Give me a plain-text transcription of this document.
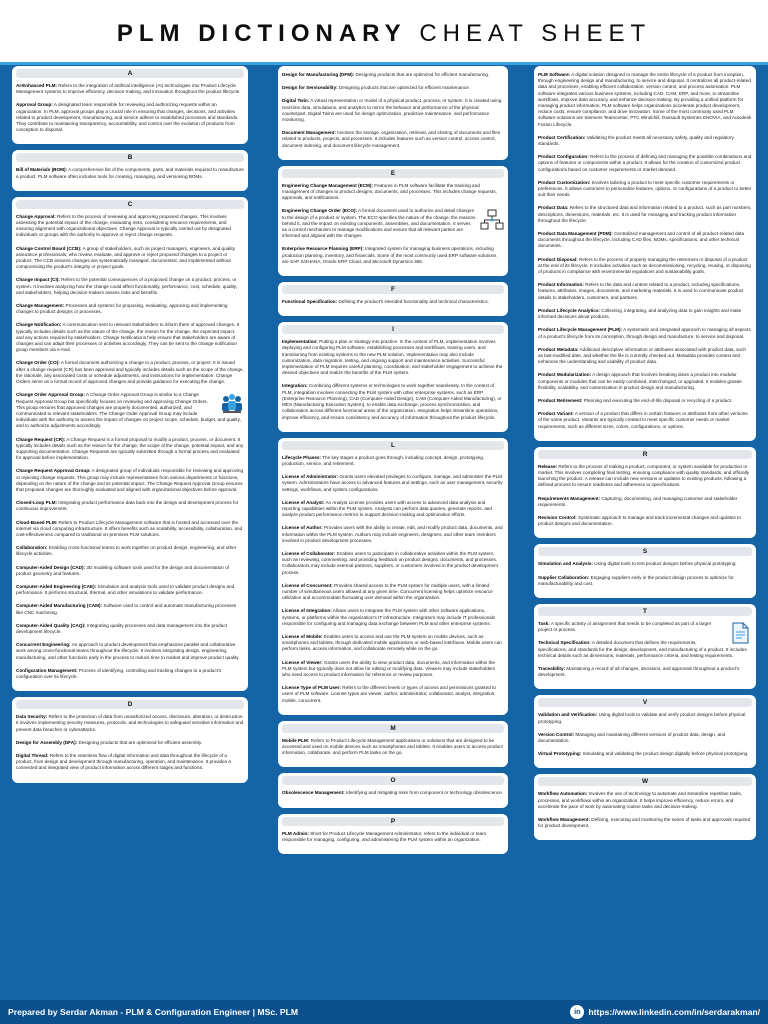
PLM DICTIONARY CHEAT SHEET
A
AI-Enhanced PLM: Refers to the integration of artificial intelligence (AI) technologies into Product Lifecycle Management systems to improve efficiency, decision-making, and innovation throughout the product lifecycle.
Approval Group: A designated team responsible for reviewing and authorizing requests within an organization. In PLM, approval groups play a crucial role in ensuring that changes, decisions, and activities related to product development, manufacturing, and service adhere to established processes and standards. They contribute to maintaining transparency, accountability, and control over the evolution of products from conception to disposal.
B
Bill of Materials (BOM): A comprehensive list of the components, parts, and materials required to manufacture a product. PLM software often includes tools for creating, managing, and versioning BOMs.
C
Change Approval: Refers to the process of reviewing and approving proposed changes. This involves assessing the potential impact of the change, evaluating risks, considering resource requirements, and ensuring alignment with organizational objectives. Change Approval is typically carried out by designated individuals or groups with the authority to approve or reject change requests.
Change Control Board (CCB): A group of stakeholders, such as project managers, engineers, and quality assurance professionals, who review, evaluate, and approve or reject proposed changes to a project or product. The CCB ensures changes are systematically managed, documented, and implemented without compromising the product's integrity or project goals.
Change Impact (CI): Refers to the potential consequences of a proposed change on a product, process, or system. It involves analyzing how the change could affect functionality, performance, cost, schedule, quality, and stakeholders, helping decision-makers assess risks and benefits.
Change Management: Processes and systems for proposing, evaluating, approving and implementing changes to product designs or processes.
Change Notification: A communication sent to relevant stakeholders to inform them of approved changes. It typically includes details such as the nature of the change, the reason for the change, the expected impact, and any actions required by stakeholders. Change Notifications help ensure that stakeholders are aware of changes and can adapt their processes or activities accordingly. They can be sent to the change notification group members via e-mail.
Change Order (CO): A formal document authorizing a change to a product, process, or project. It is issued after a change request (CR) has been approved and typically includes details such as the scope of the change, the rationale, any associated costs or schedule adjustments, and instructions for implementation. Change Orders serve as a formal record of approved changes and provide guidance for executing the change.
Change Order Approval Group: A Change Order Approval Group is similar to a Change Request Approval Group but specifically focuses on reviewing and approving Change Orders. This group ensures that approved changes are properly documented, authorized, and communicated to relevant stakeholders. The Change Order Approval Group may include individuals with the authority to assess the impact of changes on project scope, schedule, budget, and quality, and to authorize adjustments accordingly.
Change Request (CR): A Change Request is a formal proposal to modify a product, process, or document. It typically includes details such as the reason for the change, the scope of the change, potential impact, and any supporting documentation. Change Requests are typically submitted through a formal process and evaluated for approval before implementation.
Change Request Approval Group: A designated group of individuals responsible for reviewing and approving or rejecting change requests. This group may include representatives from various departments or functions, depending on the nature of the change and its potential impact. The Change Request Approval Group ensures that proposed changes are thoroughly evaluated and aligned with organizational objectives before approval.
Closed-Loop PLM: Integrating product performance data back into the design and development process for continuous improvement.
Cloud-Based PLM: Refers to Product Lifecycle Management software that is hosted and accessed over the internet via cloud computing infrastructure. It offers benefits such as scalability, accessibility, collaboration, and cost-effectiveness compared to traditional on-premises PLM solutions.
Collaboration: Enabling cross-functional teams to work together on product design, engineering, and other lifecycle activities.
Computer-Aided Design (CAD): 3D modeling software tools used for the design and documentation of product geometry and features.
Computer-Aided Engineering (CAE): Simulation and analysis tools used to validate product designs and performance. It performs structural, thermal, and other simulations to validate performance.
Computer-Aided Manufacturing (CAM): Software used to control and automate manufacturing processes like CNC machining.
Computer-Aided Quality (CAQ): Integrating quality processes and data management into the product development lifecycle.
Concurrent Engineering: An approach to product development that emphasizes parallel and collaborative work among cross-functional teams throughout the lifecycle. It involves integrating design, engineering, manufacturing, and other functions early in the process to reduce time to market and improve product quality.
Configuration Management: Process of identifying, controlling and tracking changes to a product's configuration over its lifecycle.
D
Data Security: Refers to the protection of data from unauthorized access, disclosure, alteration, or destruction. It involves implementing security measures, protocols, and technologies to safeguard sensitive information and prevent data breaches or cyberattacks.
Design for Assembly (DFA): Designing products that are optimized for efficient assembly.
Digital Thread: Refers to the seamless flow of digital information and data throughout the lifecycle of a product, from design and development through manufacturing, operation, and maintenance. It provides a connected and integrated view of product information across different stages and functions.
Design for Manufacturing (DFM): Designing products that are optimized for efficient manufacturing.
Design for Serviceability: Designing products that are optimized for efficient maintenance.
Digital Twin: A virtual representation or model of a physical product, process, or system. It is created using real-time data, simulations, and analytics to mirror the behavior and performance of the physical counterpart. Digital Twins are used for design optimization, predictive maintenance, and performance monitoring.
Document Management: Involves the storage, organization, retrieval, and sharing of documents and files related to products, projects, and processes. It includes features such as version control, access control, document indexing, and document lifecycle management.
E
Engineering Change Management (ECM): Features in PLM software facilitate the tracking and management of changes to product designs, documents, and processes. This includes change requests, approvals, and notifications.
Engineering Change Order (ECO): A formal document used to authorize and detail changes to the design of a product or system. The ECO specifies the nature of the change, the reasons behind it, and the impact on existing components, assemblies, and documentation. It serves as a control mechanism to manage modifications and ensure that all relevant parties are informed and aligned with the changes.
Enterprise Resource Planning (ERP): Integrated system for managing business operations, including production planning, inventory, and financials. Some of the most commonly used ERP software solutions are SAP S/4HANA, Oracle ERP Cloud, and Microsoft Dynamics 365.
F
Functional Specification: Defining the product's intended functionality and technical characteristics.
I
Implementation: Putting a plan or strategy into practice. In the context of PLM, implementation involves deploying and configuring PLM software, establishing processes and workflows, training users, and transitioning from existing systems to the new PLM solution. Implementation may also include customization, data migration, testing, and ongoing support and maintenance activities. Successful implementation of PLM requires careful planning, coordination, and stakeholder engagement to achieve the desired objectives and realize the benefits of the PLM system.
Integration: Combining different systems or technologies to work together seamlessly. In the context of PLM, integration involves connecting the PLM system with other enterprise systems, such as ERP (Enterprise Resource Planning), CAD (Computer-Aided Design), CAM (Computer-Aided Manufacturing), or MES (Manufacturing Execution System), to enable data exchange, process synchronization, and collaboration across different functional areas of the organization. Integration helps streamline operations, improve efficiency, and ensure consistency and accuracy of information throughout the product lifecycle.
L
Lifecycle Phases: The key stages a product goes through, including concept, design, prototyping, production, service, and retirement.
License of Administrator: Grants users elevated privileges to configure, manage, and administer the PLM system. Administrators have access to advanced features and settings, such as user management, security settings, workflows, and system configurations.
License of Analyst: An Analyst License provides users with access to advanced data analysis and reporting capabilities within the PLM system. Analysts can perform data queries, generate reports, and analyze product performance metrics to support decision-making and optimization efforts.
License of Author: Provides users with the ability to create, edit, and modify product data, documents, and information within the PLM system. Authors may include engineers, designers, and other team members involved in product development processes.
License of Collaborator: Enables users to participate in collaborative activities within the PLM system, such as reviewing, commenting, and providing feedback on product designs, documents, and processes. Collaborators may include external partners, suppliers, or customers involved in the product development process.
License of Concurrent: Provides shared access to the PLM system for multiple users, with a limited number of simultaneous users allowed at any given time. Concurrent licensing helps optimize resource utilization and accommodate fluctuating user demand within the organization.
License of Integration: Allows users to integrate the PLM system with other software applications, systems, or platforms within the organization's IT infrastructure. Integrators may include IT professionals responsible for configuring and managing data exchange between PLM and other enterprise systems.
License of Mobile: Enables users to access and use the PLM system on mobile devices, such as smartphones and tablets, through dedicated mobile applications or web-based interfaces. Mobile users can perform tasks, access information, and collaborate remotely while on the go.
License of Viewer: Grants users the ability to view product data, documents, and information within the PLM system but typically does not allow for editing or modifying data. Viewers may include stakeholders who need access to product information for reference or review purposes.
License Type of PLM User: Refers to the different levels or types of access and permissions granted to users of PLM software. License types are viewer, author, administrator, collaborator, analyst, integration, mobile, concurrent.
M
Mobile PLM: Refers to Product Lifecycle Management applications or solutions that are designed to be accessed and used on mobile devices such as smartphones and tablets. It enables users to access product information, collaborate, and perform PLM tasks on the go.
O
Obsolescence Management: Identifying and mitigating risks from component or technology obsolescence.
P
PLM Admin: Short for Product Lifecycle Management Administrator, refers to the individual or team responsible for managing, configuring, and administering the PLM system within an organization.
PLM Software: A digital solution designed to manage the entire lifecycle of a product from inception, through engineering design and manufacturing, to service and disposal. It centralizes all product-related data and processes, enabling efficient collaboration, version control, and process automation. PLM software integrates various business systems, including CAD, CAM, ERP, and more, to streamline workflows, improve data accuracy, and enhance decision-making. By providing a unified platform for managing product information, PLM software helps organizations accelerate product development, reduce costs, ensure compliance, and drive innovation. Some of the most commonly used PLM software solutions are Siemens Teamcenter, PTC Windchill, Dassault Systemes ENOVIA, and Autodesk Fusion Lifecycle.
Product Certification: Validating the product meets all necessary safety, quality and regulatory standards.
Product Configuration: Refers to the process of defining and managing the possible combinations and options of features or components within a product. It allows for the creation of customized product configurations based on customer requirements or market demand.
Product Customization: Involves tailoring a product to meet specific customer requirements or preferences. It allows customers to personalize features, options, or configurations of a product to better suit their needs.
Product Data: Refers to the structured data and information related to a product, such as part numbers, descriptions, dimensions, materials, etc. It is used for managing and tracking product information throughout the lifecycle.
Product Data Management (PDM): Centralized management and control of all product-related data documents throughout the lifecycle, including CAD files, BOMs, specifications, and other technical documents.
Product Disposal: Refers to the process of properly managing the retirement or disposal of a product at the end of its lifecycle. It includes activities such as decommissioning, recycling, reusing, or disposing of products in compliance with environmental regulations and sustainability goals.
Product Information: Refers to the data and content related to a product, including specifications, features, attributes, images, documents, and marketing materials. It is used to communicate product details to stakeholders, customers, and partners.
Product Lifecycle Analytics: Collecting, integrating, and analyzing data to gain insights and make informed decisions about products.
Product Lifecycle Management (PLM): A systematic and integrated approach to managing all aspects of a product's lifecycle from its conception, through design and manufacture, to service and disposal.
Product Metadata: Additional descriptive information or attributes associated with product data, such as last-modified date, and whether the file is currently checked out. Metadata provides context and enhances the understanding and usability of product data.
Product Modularization: A design approach that involves breaking down a product into modular components or modules that can be easily combined, interchanged, or upgraded. It enables greater flexibility, scalability, and customization in product design and manufacturing.
Product Retirement: Planning and executing the end-of-life disposal or recycling of a product.
Product Variant: A version of a product that differs in certain features or attributes from other versions of the same product. Variants are typically created to meet specific customer needs or market requirements, such as different sizes, colors, configurations, or options.
R
Release: Refers to the process of making a product, component, or system available for production or market. This involves completing final testing, ensuring compliance with quality standards, and officially launching the product. A release can include new versions or updates to existing products, following a defined process to ensure readiness and adherence to specifications.
Requirements Management: Capturing, documenting, and managing customer and stakeholder requirements.
Revision Control: Systematic approach to manage and track incremental changes and updates to product designs and documentation.
S
Simulation and Analysis: Using digital tools to test product designs before physical prototyping.
Supplier Collaboration: Engaging suppliers early in the product design process to optimize for manufacturability and cost.
T
Task: A specific activity or assignment that needs to be completed as part of a larger project or process.
Technical Specification: A detailed document that defines the requirements, specifications, and standards for the design, development, and manufacturing of a product. It includes technical details such as dimensions, materials, performance criteria, and testing requirements.
Traceability: Maintaining a record of all changes, decisions, and approvals throughout a product's development.
V
Validation and Verification: Using digital tools to validate and verify product designs before physical prototyping.
Version Control: Managing and maintaining different versions of product data, design, and documentation.
Virtual Prototyping: Simulating and validating the product design digitally before physical prototyping.
W
Workflow Automation: Involves the use of technology to automate and streamline repetitive tasks, processes, and workflows within an organization. It helps improve efficiency, reduce errors, and accelerate the pace of work by automating routine tasks and decision-making.
Workflow Management: Defining, executing and monitoring the series of tasks and approvals required for product development.
Prepared by Serdar Akman - PLM & Configuration Engineer | MSc. PLM	in https://www.linkedin.com/in/serdarakman/
